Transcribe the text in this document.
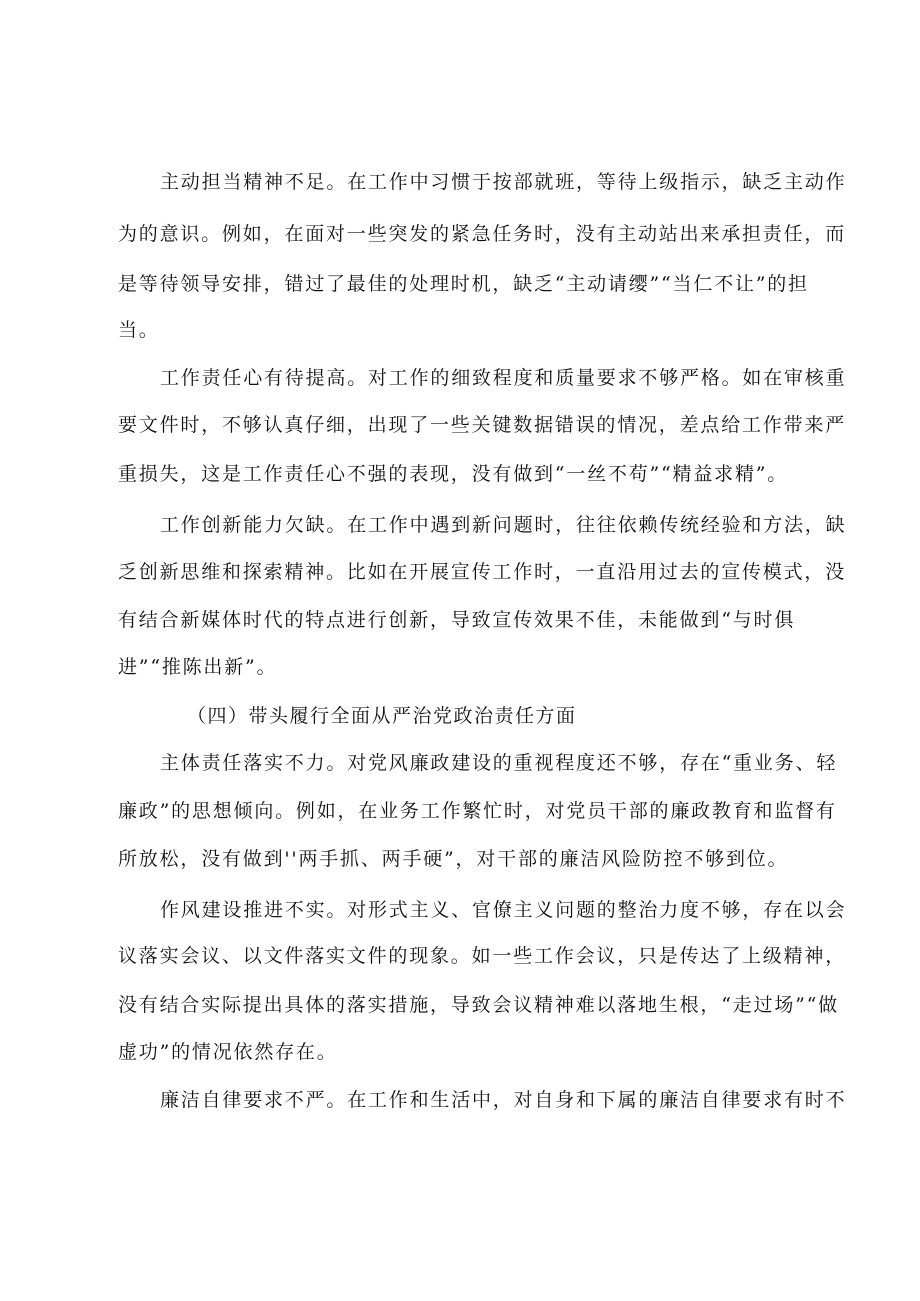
主动担当精神不足。在工作中习惯于按部就班，等待上级指示，缺乏主动作
为的意识。例如，在面对一些突发的紧急任务时，没有主动站出来承担责任，而
是等待领导安排，错过了最佳的处理时机，缺乏“主动请缨”“当仁不让”的担
当。
工作责任心有待提高。对工作的细致程度和质量要求不够严格。如在审核重
要文件时，不够认真仔细，出现了一些关键数据错误的情况，差点给工作带来严
重损失，这是工作责任心不强的表现，没有做到“一丝不苟”“精益求精”。
工作创新能力欠缺。在工作中遇到新问题时，往往依赖传统经验和方法，缺
乏创新思维和探索精神。比如在开展宣传工作时，一直沿用过去的宣传模式，没
有结合新媒体时代的特点进行创新，导致宣传效果不佳，未能做到“与时俱
进”“推陈出新”。
（四）带头履行全面从严治党政治责任方面
主体责任落实不力。对党风廉政建设的重视程度还不够，存在“重业务、轻
廉政”的思想倾向。例如，在业务工作繁忙时，对党员干部的廉政教育和监督有
所放松，没有做到''两手抓、两手硬”，对干部的廉洁风险防控不够到位。
作风建设推进不实。对形式主义、官僚主义问题的整治力度不够，存在以会
议落实会议、以文件落实文件的现象。如一些工作会议，只是传达了上级精神，
没有结合实际提出具体的落实措施，导致会议精神难以落地生根，“走过场”“做
虚功”的情况依然存在。
廉洁自律要求不严。在工作和生活中，对自身和下属的廉洁自律要求有时不
